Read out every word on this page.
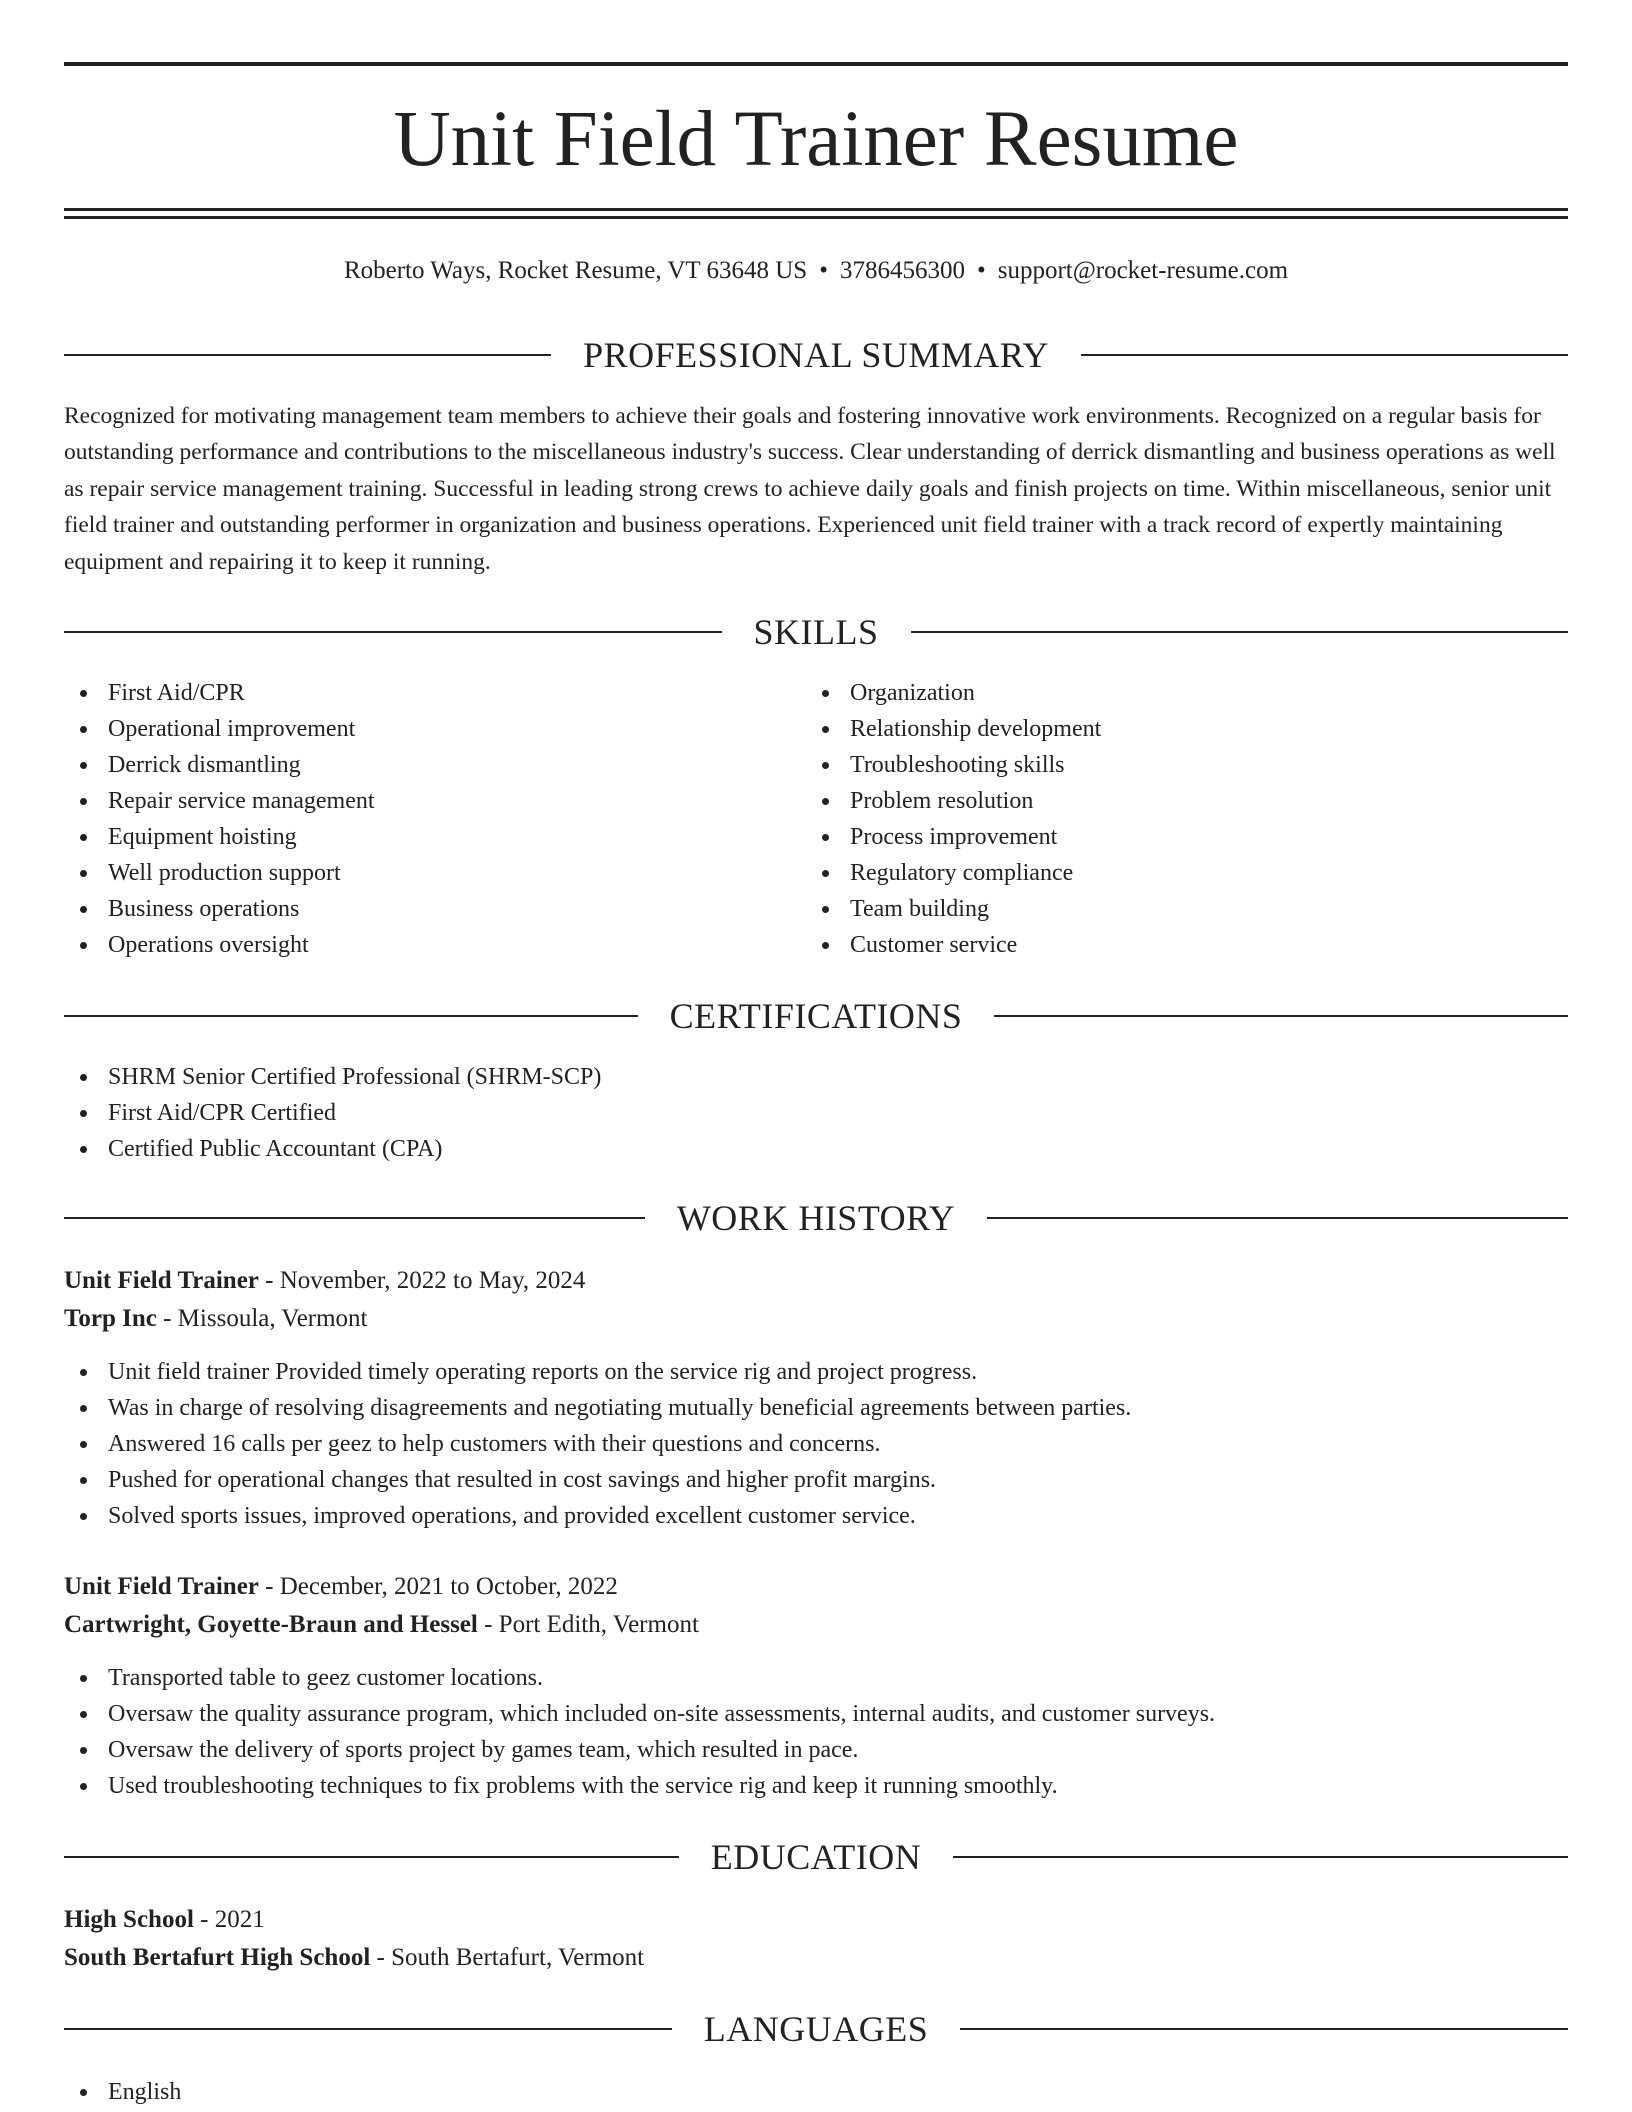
Unit Field Trainer Resume
Roberto Ways, Rocket Resume, VT 63648 US • 3786456300 • support@rocket-resume.com
PROFESSIONAL SUMMARY

Recognized for motivating management team members to achieve their goals and fostering innovative work environments. Recognized on a regular basis for outstanding performance and contributions to the miscellaneous industry's success. Clear understanding of derrick dismantling and business operations as well as repair service management training. Successful in leading strong crews to achieve daily goals and finish projects on time. Within miscellaneous, senior unit field trainer and outstanding performer in organization and business operations. Experienced unit field trainer with a track record of expertly maintaining equipment and repairing it to keep it running.

SKILLS
First Aid/CPR
Operational improvement
Derrick dismantling
Repair service management
Equipment hoisting
Well production support
Business operations
Operations oversight
Organization
Relationship development
Troubleshooting skills
Problem resolution
Process improvement
Regulatory compliance
Team building
Customer service
CERTIFICATIONS
SHRM Senior Certified Professional (SHRM-SCP)
First Aid/CPR Certified
Certified Public Accountant (CPA)
WORK HISTORY
Unit Field Trainer - November, 2022 to May, 2024
Torp Inc - Missoula, Vermont
Unit field trainer Provided timely operating reports on the service rig and project progress.
Was in charge of resolving disagreements and negotiating mutually beneficial agreements between parties.
Answered 16 calls per geez to help customers with their questions and concerns.
Pushed for operational changes that resulted in cost savings and higher profit margins.
Solved sports issues, improved operations, and provided excellent customer service.
Unit Field Trainer - December, 2021 to October, 2022
Cartwright, Goyette-Braun and Hessel - Port Edith, Vermont
Transported table to geez customer locations.
Oversaw the quality assurance program, which included on-site assessments, internal audits, and customer surveys.
Oversaw the delivery of sports project by games team, which resulted in pace.
Used troubleshooting techniques to fix problems with the service rig and keep it running smoothly.
EDUCATION
High School - 2021
South Bertafurt High School - South Bertafurt, Vermont
LANGUAGES
English
